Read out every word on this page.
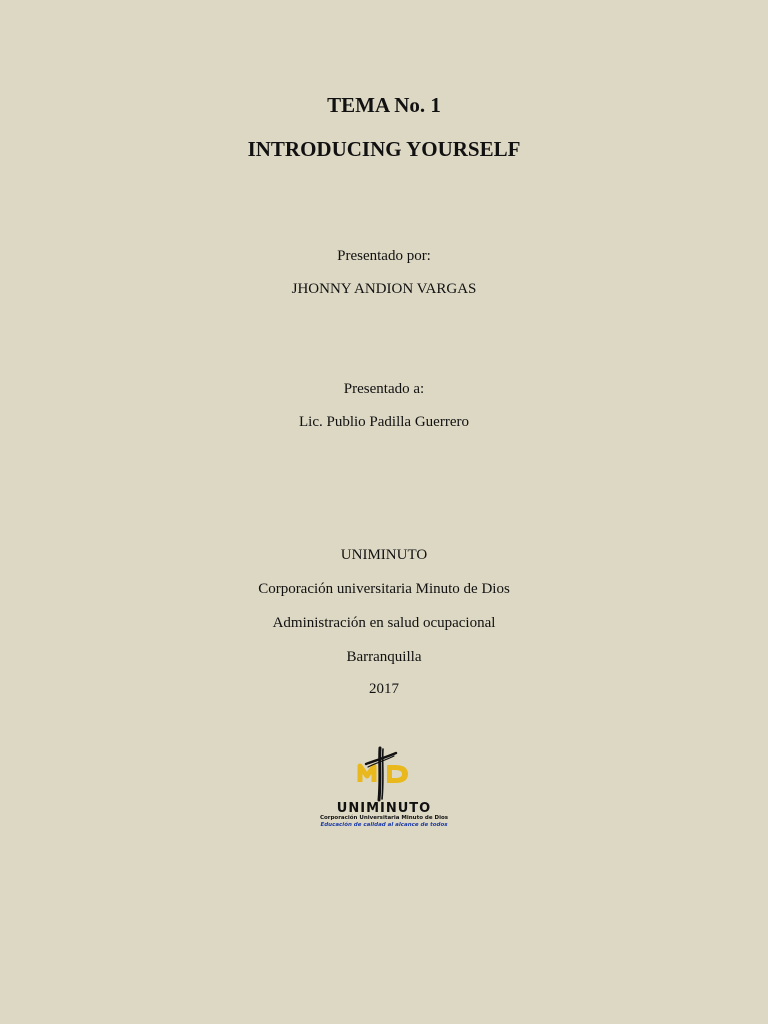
TEMA No. 1
INTRODUCING YOURSELF
Presentado por:
JHONNY ANDION VARGAS
Presentado a:
Lic. Publio Padilla Guerrero
UNIMINUTO
Corporación universitaria Minuto de Dios
Administración en salud ocupacional
Barranquilla
2017
UNIMINUTO
Corporación Universitaria Minuto de Dios
Educación de calidad al alcance de todos
